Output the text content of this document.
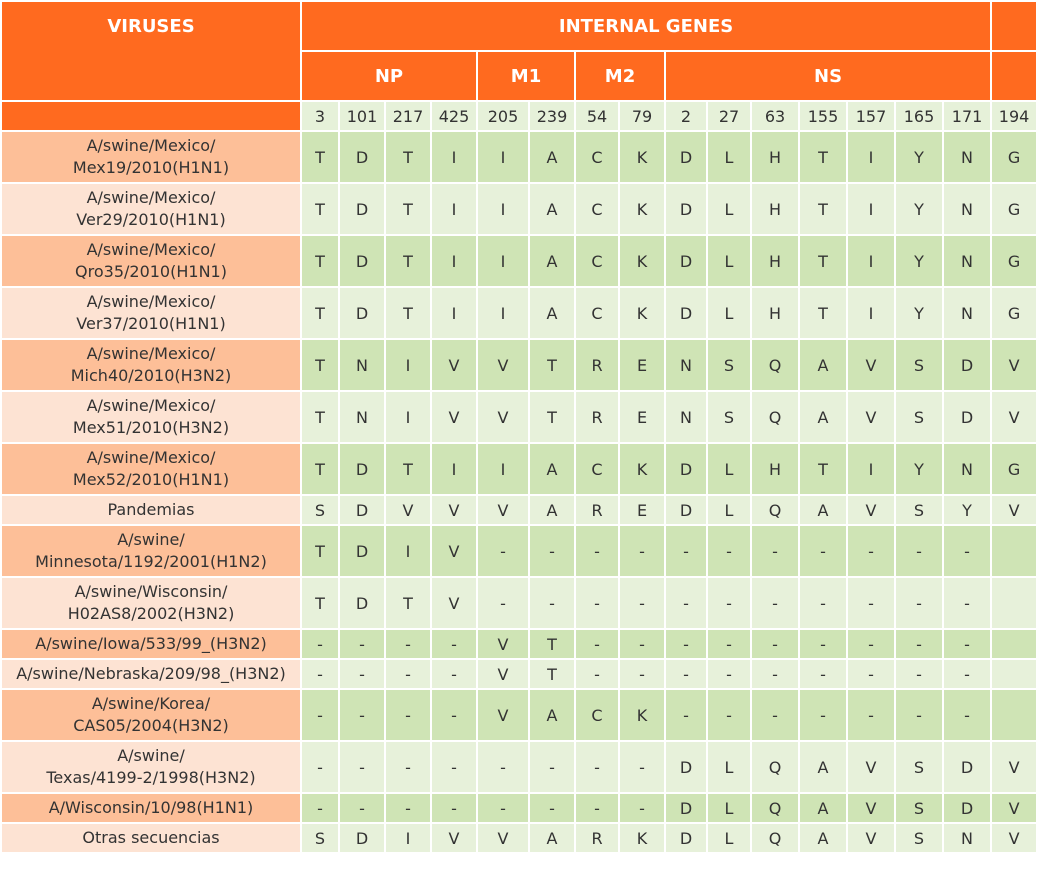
VIRUSES	INTERNAL GENES															
	NP				M1		M2		NS							
	3	101	217	425	205	239	54	79	2	27	63	155	157	165	171	194

A/swine/Mexico/
Mex19/2010(H1N1)	T	D	T	I	I	A	C	K	D	L	H	T	I	Y	N	G

A/swine/Mexico/
Ver29/2010(H1N1)	T	D	T	I	I	A	C	K	D	L	H	T	I	Y	N	G

A/swine/Mexico/
Qro35/2010(H1N1)	T	D	T	I	I	A	C	K	D	L	H	T	I	Y	N	G

A/swine/Mexico/
Ver37/2010(H1N1)	T	D	T	I	I	A	C	K	D	L	H	T	I	Y	N	G

A/swine/Mexico/
Mich40/2010(H3N2)	T	N	I	V	V	T	R	E	N	S	Q	A	V	S	D	V

A/swine/Mexico/
Mex51/2010(H3N2)	T	N	I	V	V	T	R	E	N	S	Q	A	V	S	D	V

A/swine/Mexico/
Mex52/2010(H1N1)	T	D	T	I	I	A	C	K	D	L	H	T	I	Y	N	G

Pandemias	S	D	V	V	V	A	R	E	D	L	Q	A	V	S	Y	V

A/swine/
Minnesota/1192/2001(H1N2)	T	D	I	V	-	-	-	-	-	-	-	-	-	-	-	

A/swine/Wisconsin/
H02AS8/2002(H3N2)	T	D	T	V	-	-	-	-	-	-	-	-	-	-	-	

A/swine/Iowa/533/99_(H3N2)	-	-	-	-	V	T	-	-	-	-	-	-	-	-	-	

A/swine/Nebraska/209/98_(H3N2)	-	-	-	-	V	T	-	-	-	-	-	-	-	-	-	

A/swine/Korea/
CAS05/2004(H3N2)	-	-	-	-	V	A	C	K	-	-	-	-	-	-	-	

A/swine/
Texas/4199-2/1998(H3N2)	-	-	-	-	-	-	-	-	D	L	Q	A	V	S	D	V

A/Wisconsin/10/98(H1N1)	-	-	-	-	-	-	-	-	D	L	Q	A	V	S	D	V

Otras secuencias	S	D	I	V	V	A	R	K	D	L	Q	A	V	S	N	V
